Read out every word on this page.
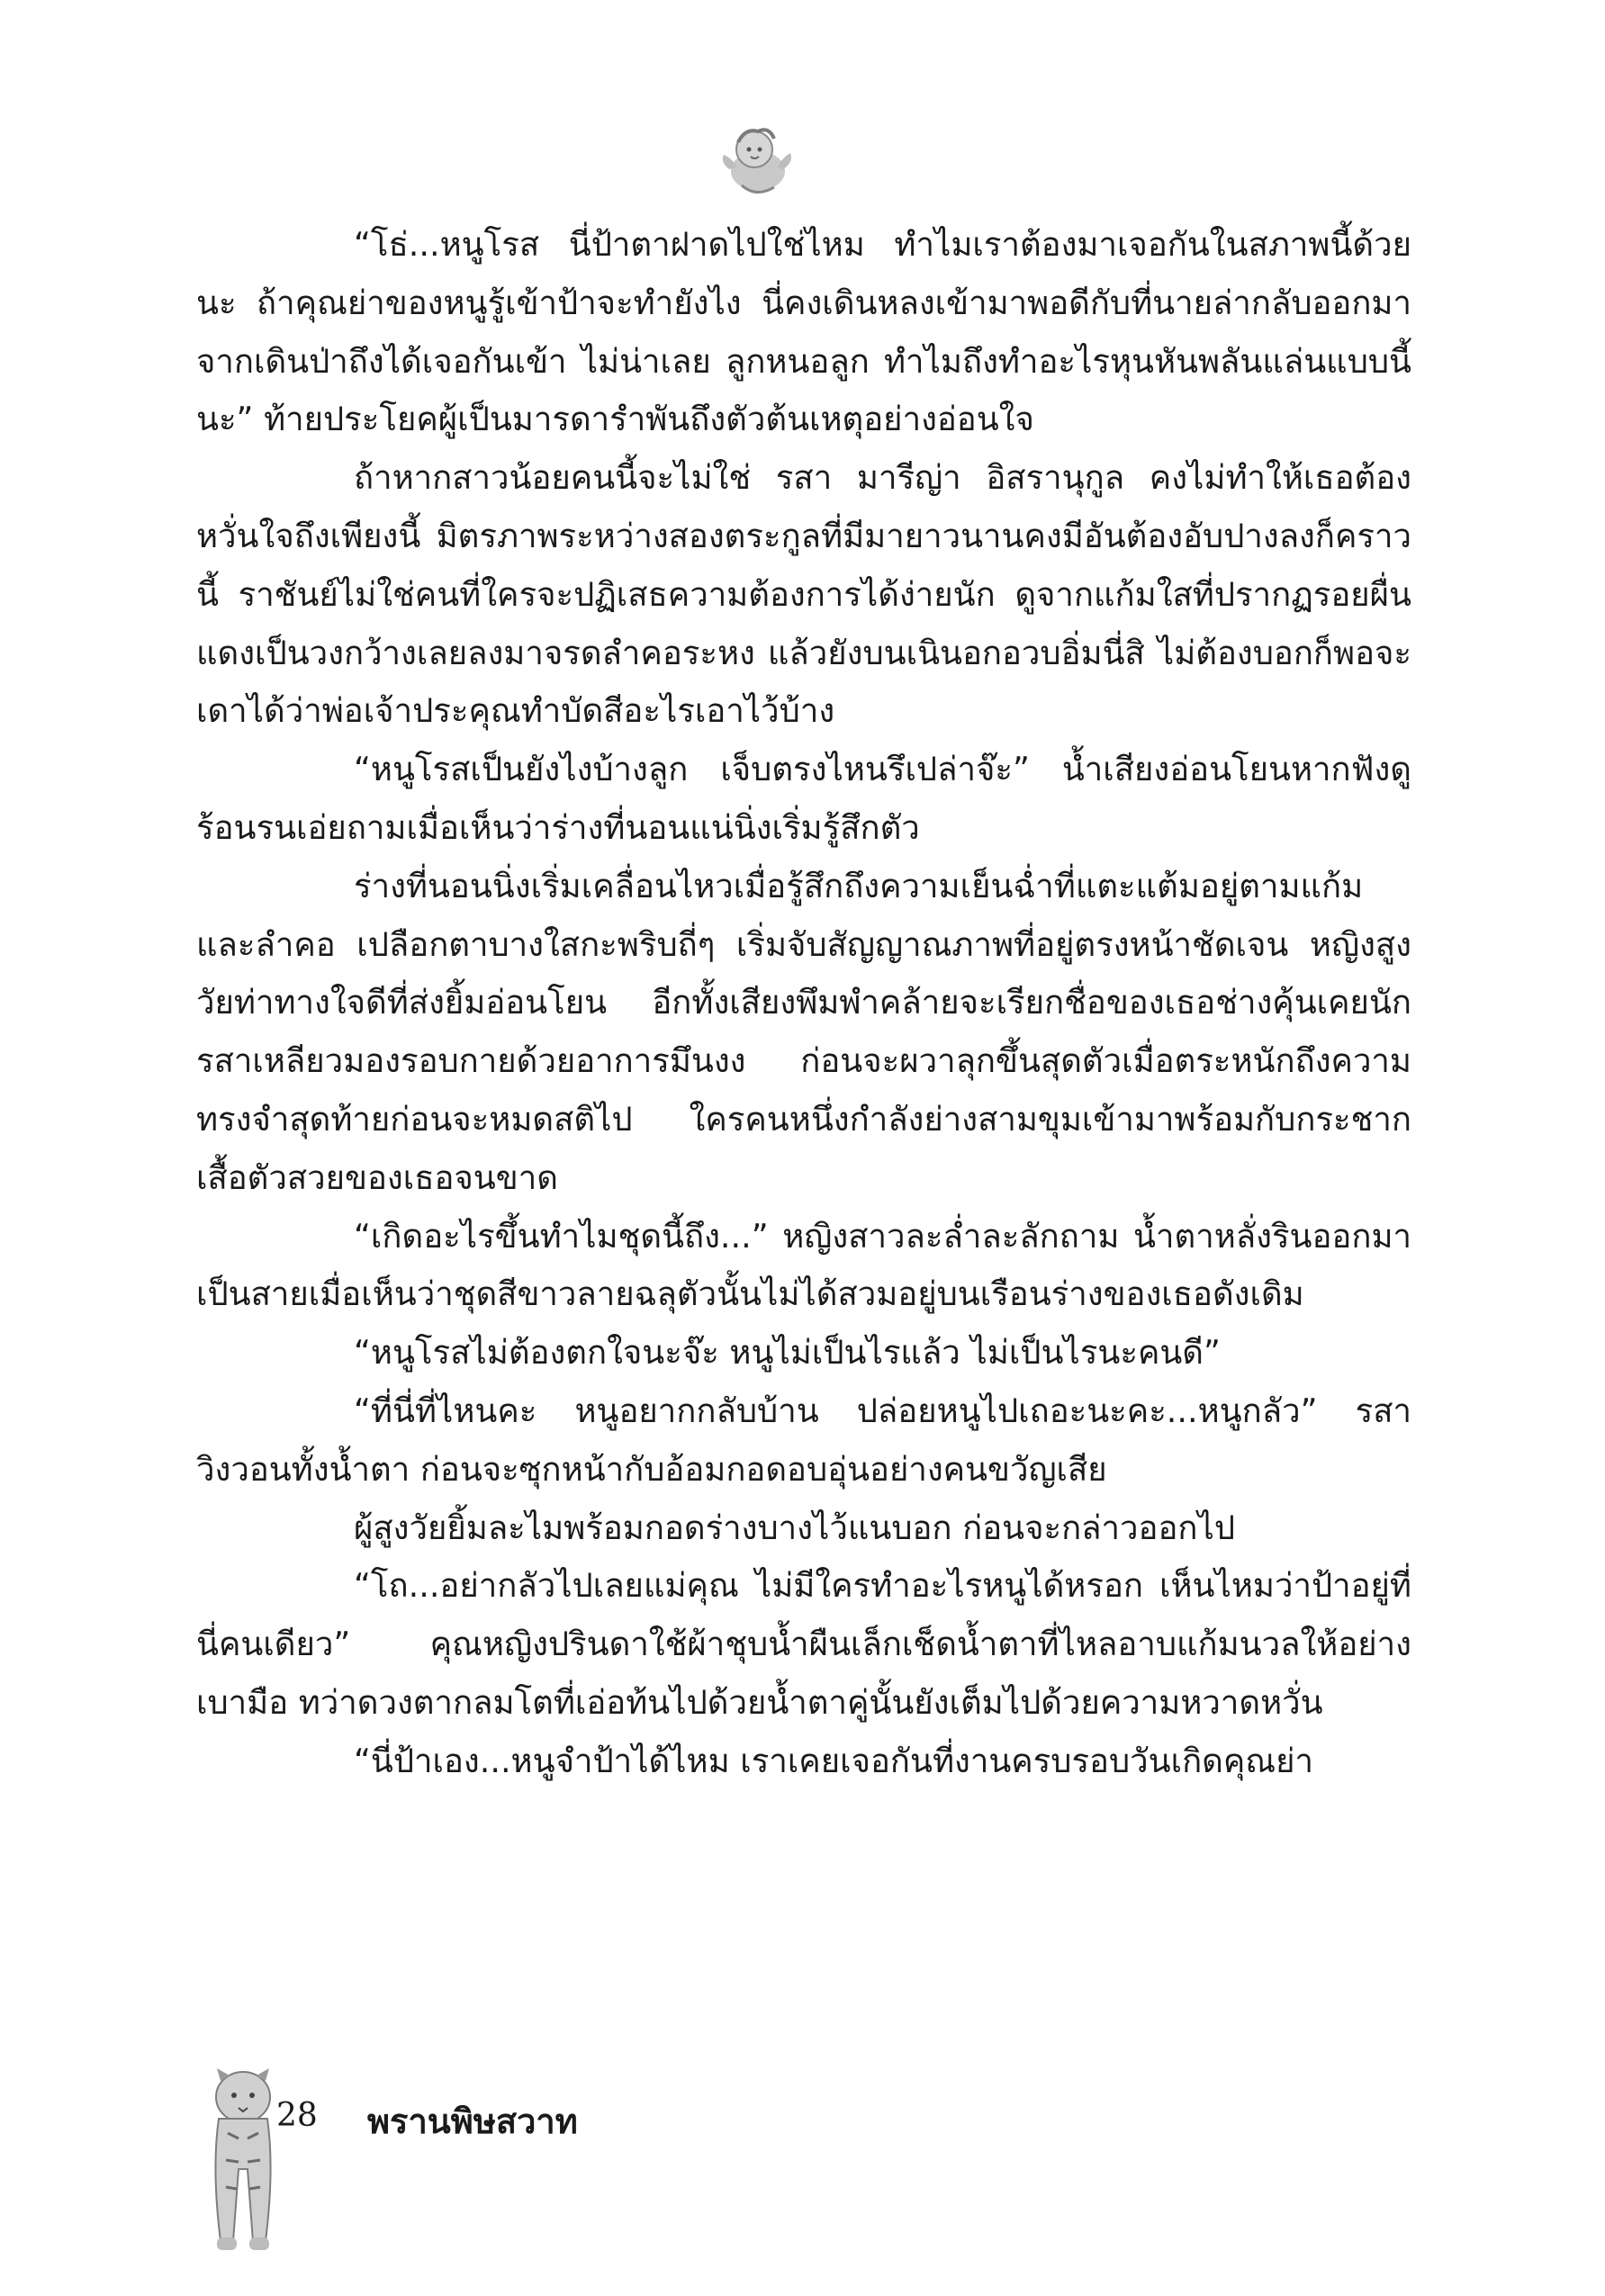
“โธ่...หนูโรส นี่ป้าตาฝาดไปใช่ไหม ทำไมเราต้องมาเจอกันในสภาพนี้ด้วยนะ ถ้าคุณย่าของหนูรู้เข้าป้าจะทำยังไง นี่คงเดินหลงเข้ามาพอดีกับที่นายล่ากลับออกมาจากเดินป่าถึงได้เจอกันเข้า ไม่น่าเลย ลูกหนอลูก ทำไมถึงทำอะไรหุนหันพลันแล่นแบบนี้นะ” ท้ายประโยคผู้เป็นมารดารำพันถึงตัวต้นเหตุอย่างอ่อนใจ

ถ้าหากสาวน้อยคนนี้จะไม่ใช่ รสา มารีญ่า อิสรานุกูล คงไม่ทำให้เธอต้องหวั่นใจถึงเพียงนี้ มิตรภาพระหว่างสองตระกูลที่มีมายาวนานคงมีอันต้องอับปางลงก็คราวนี้ ราชันย์ไม่ใช่คนที่ใครจะปฏิเสธความต้องการได้ง่ายนัก ดูจากแก้มใสที่ปรากฏรอยผื่นแดงเป็นวงกว้างเลยลงมาจรดลำคอระหง แล้วยังบนเนินอกอวบอิ่มนี่สิ ไม่ต้องบอกก็พอจะเดาได้ว่าพ่อเจ้าประคุณทำบัดสีอะไรเอาไว้บ้าง

“หนูโรสเป็นยังไงบ้างลูก เจ็บตรงไหนรึเปล่าจ๊ะ” น้ำเสียงอ่อนโยนหากฟังดูร้อนรนเอ่ยถามเมื่อเห็นว่าร่างที่นอนแน่นิ่งเริ่มรู้สึกตัว

ร่างที่นอนนิ่งเริ่มเคลื่อนไหวเมื่อรู้สึกถึงความเย็นฉ่ำที่แตะแต้มอยู่ตามแก้มและลำคอ เปลือกตาบางใสกะพริบถี่ๆ เริ่มจับสัญญาณภาพที่อยู่ตรงหน้าชัดเจน หญิงสูงวัยท่าทางใจดีที่ส่งยิ้มอ่อนโยน อีกทั้งเสียงพึมพำคล้ายจะเรียกชื่อของเธอช่างคุ้นเคยนัก รสาเหลียวมองรอบกายด้วยอาการมึนงง ก่อนจะผวาลุกขึ้นสุดตัวเมื่อตระหนักถึงความทรงจำสุดท้ายก่อนจะหมดสติไป ใครคนหนึ่งกำลังย่างสามขุมเข้ามาพร้อมกับกระชากเสื้อตัวสวยของเธอจนขาด

“เกิดอะไรขึ้นทำไมชุดนี้ถึง...” หญิงสาวละล่ำละลักถาม น้ำตาหลั่งรินออกมาเป็นสายเมื่อเห็นว่าชุดสีขาวลายฉลุตัวนั้นไม่ได้สวมอยู่บนเรือนร่างของเธอดังเดิม

“หนูโรสไม่ต้องตกใจนะจ๊ะ หนูไม่เป็นไรแล้ว ไม่เป็นไรนะคนดี”

“ที่นี่ที่ไหนคะ หนูอยากกลับบ้าน ปล่อยหนูไปเถอะนะคะ...หนูกลัว” รสาวิงวอนทั้งน้ำตา ก่อนจะซุกหน้ากับอ้อมกอดอบอุ่นอย่างคนขวัญเสีย

ผู้สูงวัยยิ้มละไมพร้อมกอดร่างบางไว้แนบอก ก่อนจะกล่าวออกไป

“โถ...อย่ากลัวไปเลยแม่คุณ ไม่มีใครทำอะไรหนูได้หรอก เห็นไหมว่าป้าอยู่ที่นี่คนเดียว” คุณหญิงปรินดาใช้ผ้าชุบน้ำผืนเล็กเช็ดน้ำตาที่ไหลอาบแก้มนวลให้อย่างเบามือ ทว่าดวงตากลมโตที่เอ่อท้นไปด้วยน้ำตาคู่นั้นยังเต็มไปด้วยความหวาดหวั่น

“นี่ป้าเอง...หนูจำป้าได้ไหม เราเคยเจอกันที่งานครบรอบวันเกิดคุณย่า

28 พรานพิษสวาท
